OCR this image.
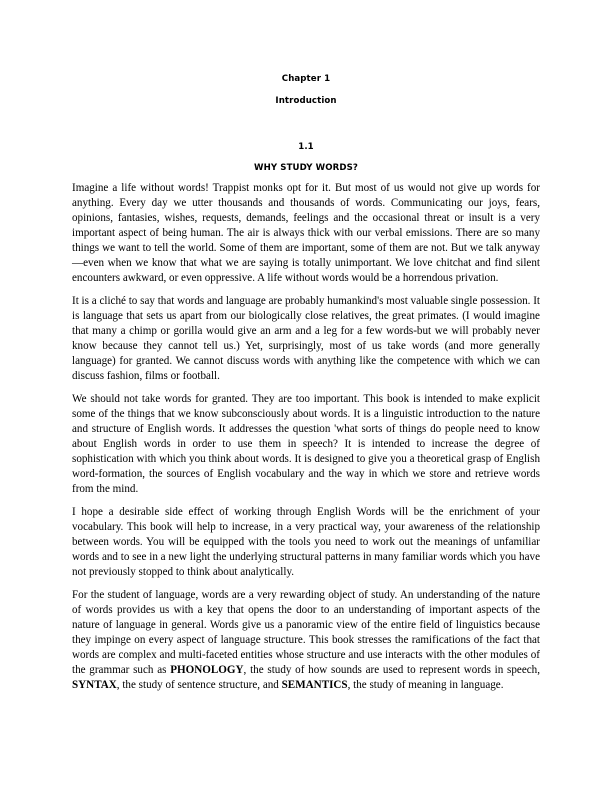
Chapter 1
Introduction
1.1
WHY STUDY WORDS?

Imagine a life without words! Trappist monks opt for it. But most of us would not give up words for anything. Every day we utter thousands and thousands of words. Communicating our joys, fears, opinions, fantasies, wishes, requests, demands, feelings and the occasional threat or insult is a very important aspect of being human. The air is always thick with our verbal emissions. There are so many things we want to tell the world. Some of them are important, some of them are not. But we talk anyway—even when we know that what we are saying is totally unimportant. We love chitchat and find silent encounters awkward, or even oppressive. A life without words would be a horrendous privation.

It is a cliché to say that words and language are probably humankind's most valuable single possession. It is language that sets us apart from our biologically close relatives, the great primates. (I would imagine that many a chimp or gorilla would give an arm and a leg for a few words-but we will probably never know because they cannot tell us.) Yet, surprisingly, most of us take words (and more generally language) for granted. We cannot discuss words with anything like the competence with which we can discuss fashion, films or football.

We should not take words for granted. They are too important. This book is intended to make explicit some of the things that we know subconsciously about words. It is a linguistic introduction to the nature and structure of English words. It addresses the question 'what sorts of things do people need to know about English words in order to use them in speech? It is intended to increase the degree of sophistication with which you think about words. It is designed to give you a theoretical grasp of English word-formation, the sources of English vocabulary and the way in which we store and retrieve words from the mind.

I hope a desirable side effect of working through English Words will be the enrichment of your vocabulary. This book will help to increase, in a very practical way, your awareness of the relationship between words. You will be equipped with the tools you need to work out the meanings of unfamiliar words and to see in a new light the underlying structural patterns in many familiar words which you have not previously stopped to think about analytically.

For the student of language, words are a very rewarding object of study. An understanding of the nature of words provides us with a key that opens the door to an understanding of important aspects of the nature of language in general. Words give us a panoramic view of the entire field of linguistics because they impinge on every aspect of language structure. This book stresses the ramifications of the fact that words are complex and multi-faceted entities whose structure and use interacts with the other modules of the grammar such as PHONOLOGY, the study of how sounds are used to represent words in speech, SYNTAX, the study of sentence structure, and SEMANTICS, the study of meaning in language.
